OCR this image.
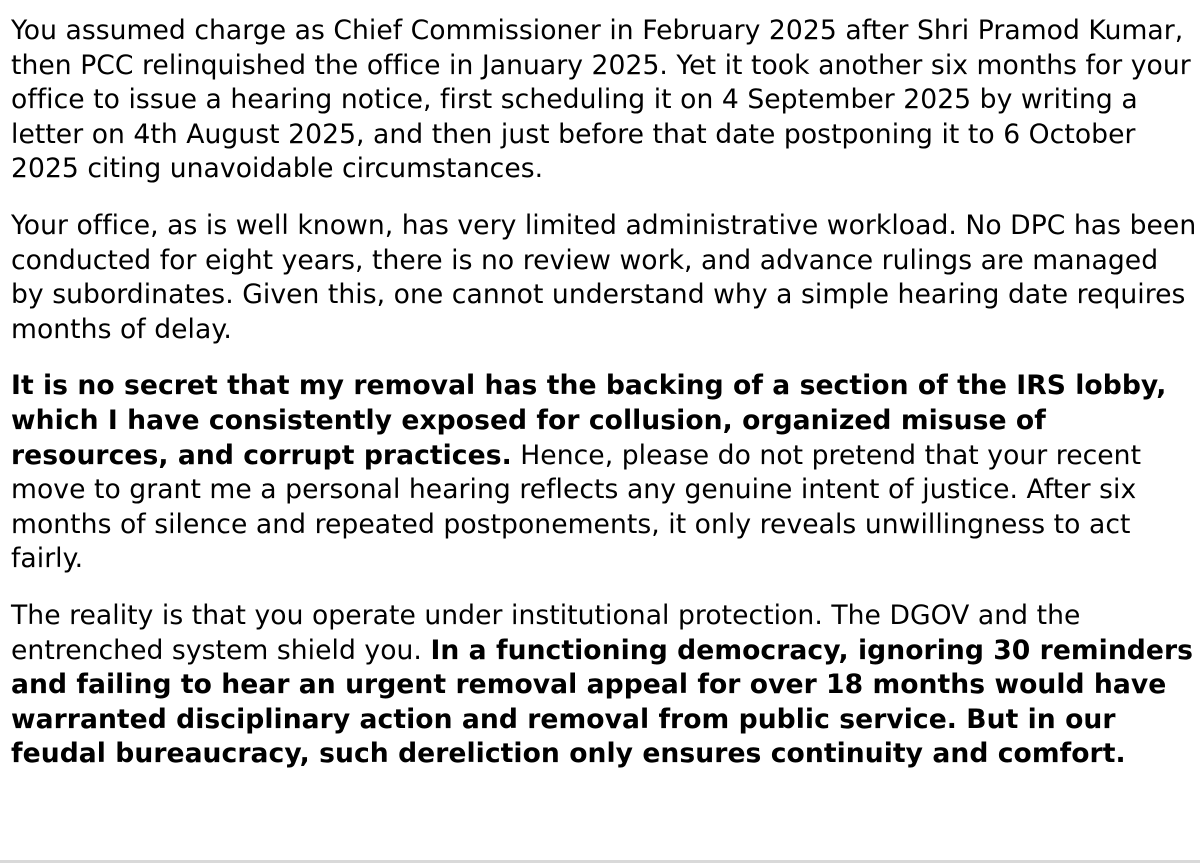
You assumed charge as Chief Commissioner in February 2025 after Shri Pramod Kumar, then PCC relinquished the office in January 2025. Yet it took another six months for your office to issue a hearing notice, first scheduling it on 4 September 2025 by writing a letter on 4th August 2025, and then just before that date postponing it to 6 October 2025 citing unavoidable circumstances.

Your office, as is well known, has very limited administrative workload. No DPC has been conducted for eight years, there is no review work, and advance rulings are managed by subordinates. Given this, one cannot understand why a simple hearing date requires months of delay.

It is no secret that my removal has the backing of a section of the IRS lobby, which I have consistently exposed for collusion, organized misuse of resources, and corrupt practices. Hence, please do not pretend that your recent move to grant me a personal hearing reflects any genuine intent of justice. After six months of silence and repeated postponements, it only reveals unwillingness to act fairly.

The reality is that you operate under institutional protection. The DGOV and the entrenched system shield you. In a functioning democracy, ignoring 30 reminders and failing to hear an urgent removal appeal for over 18 months would have warranted disciplinary action and removal from public service. But in our feudal bureaucracy, such dereliction only ensures continuity and comfort.
